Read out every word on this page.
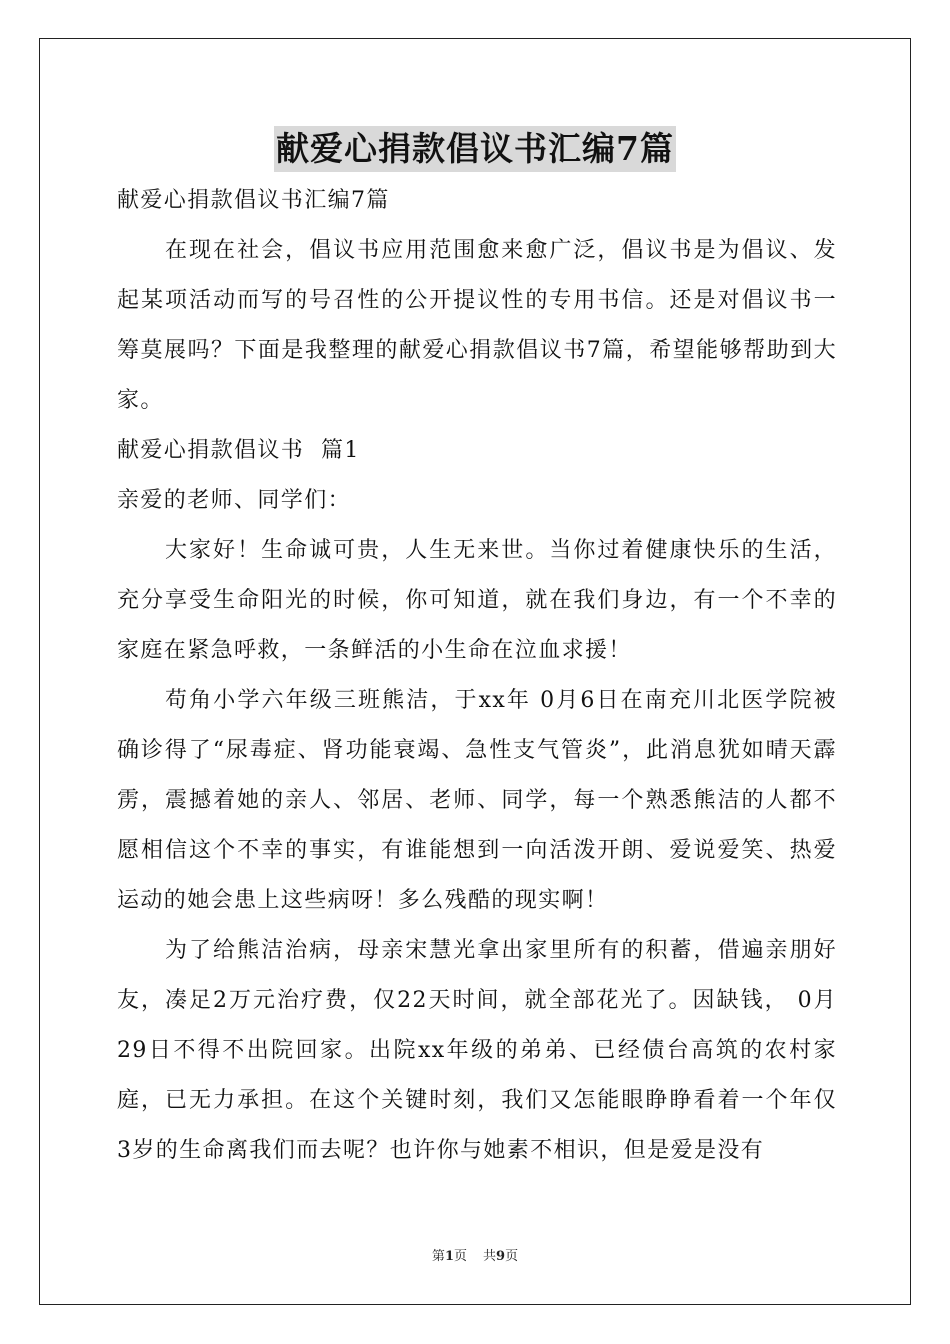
献爱心捐款倡议书汇编7篇

献爱心捐款倡议书汇编7篇

在现在社会，倡议书应用范围愈来愈广泛，倡议书是为倡议、发起某项活动而写的号召性的公开提议性的专用书信。还是对倡议书一筹莫展吗？下面是我整理的献爱心捐款倡议书7篇，希望能够帮助到大家。

献爱心捐款倡议书  篇1

亲爱的老师、同学们：

大家好！生命诚可贵，人生无来世。当你过着健康快乐的生活，充分享受生命阳光的时候，你可知道，就在我们身边，有一个不幸的家庭在紧急呼救，一条鲜活的小生命在泣血求援！

苟角小学六年级三班熊洁，于xx年 0月6日在南充川北医学院被确诊得了“尿毒症、肾功能衰竭、急性支气管炎”，此消息犹如晴天霹雳，震撼着她的亲人、邻居、老师、同学，每一个熟悉熊洁的人都不愿相信这个不幸的事实，有谁能想到一向活泼开朗、爱说爱笑、热爱运动的她会患上这些病呀！多么残酷的现实啊！

为了给熊洁治病，母亲宋慧光拿出家里所有的积蓄，借遍亲朋好友，凑足2万元治疗费，仅22天时间，就全部花光了。因缺钱， 0月29日不得不出院回家。出院xx年级的弟弟、已经债台高筑的农村家庭，已无力承担。在这个关键时刻，我们又怎能眼睁睁看着一个年仅 3岁的生命离我们而去呢？也许你与她素不相识，但是爱是没有

第1页 共9页
